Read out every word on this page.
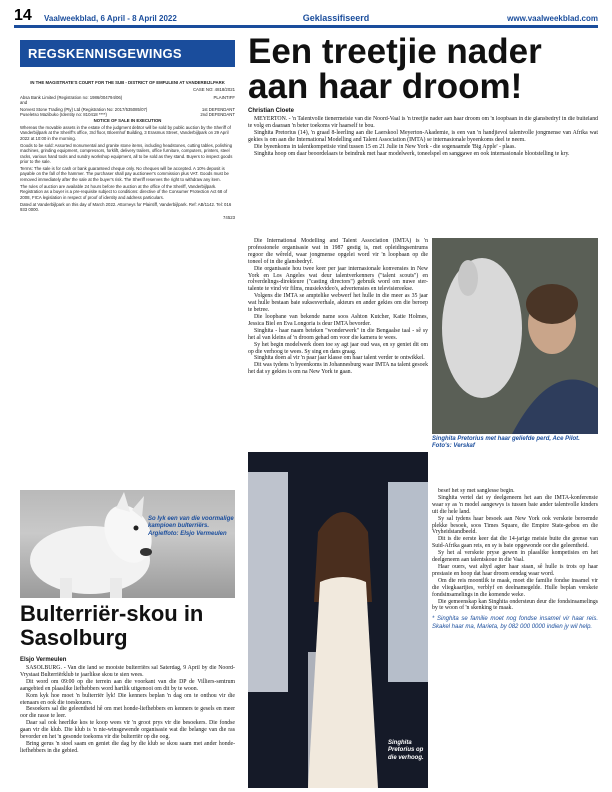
14	Vaalweekblad, 6 April - 8 April 2022	Geklassifiseerd	www.vaalweekblad.com
REGSKENNISGEWINGS

IN THE MAGISTRATE'S COURT FOR THE SUB - DISTRICT OF EMFULENI AT VANDERBIJLPARK

CASE NO: 4818/2021

Absa Bank Limited (Registration no: 1986/004794/06)	PLAINTIFF

and

Norvest Stone Trading (Pty) Ltd (Registration No: 2017/535085/07)	1st DEFENDANT
Puseletso Mazibuko (Identity no: 810418 ****)	2nd DEFENDANT

NOTICE OF SALE IN EXECUTION

Whereas the movable assets in the estate of the judgment debtor will be sold by public auction by the Sheriff of Vanderbijlpark at the Sheriff's office, 3rd floor, Bloemhof Building, 3 Erasmus Street, Vanderbijlpark on 29 April 2022 at 10:00 in the morning.

Goods to be sold: Assorted monumental and granite stone items, including headstones, cutting tables, polishing machines, grinding equipment, compressors, forklift, delivery trailers, office furniture, computers, printers, steel racks, various hand tools and sundry workshop equipment, all to be sold as they stand. Buyers to inspect goods prior to the sale.

Terms: The sale is for cash or bank guaranteed cheque only. No cheques will be accepted. A 10% deposit is payable on the fall of the hammer. The purchaser shall pay auctioneer's commission plus VAT. Goods must be removed immediately after the sale at the buyer's risk. The Sheriff reserves the right to withdraw any item.

The rules of auction are available 24 hours before the auction at the office of the Sheriff, Vanderbijlpark. Registration as a buyer is a pre-requisite subject to conditions: directive of the Consumer Protection Act 68 of 2008, FICA legislation in respect of proof of identity and address particulars.

Dated at Vanderbijlpark on this day of March 2022. Attorneys for Plaintiff, Vanderbijlpark. Ref: AB/1142. Tel: 016 933 0000.

74523

So lyk een van die voormalige kampioen bulterriërs. Argieffoto: Elsjo Vermeulen
Bulterriër-skou in Sasolburg
Elsjo Vermeulen

SASOLBURG. - Van die land se mooiste bulterriërs sal Saterdag, 9 April by die Noord-Vrystaat Bulterriërklub te jaarlikse skou te sien wees.

Dit word om 09:00 op die terrein aan die voorkant van die DP de Villiers-sentrum aangebied en plaaslike liefhebbers word hartlik uitgenooi om dit by te woon.

Kom kyk hoe moet 'n bulterriër lyk! Die kenners beplan 'n dag om te onthou vir die eienaars en ook die toeskouers.

Besoekers sal die geleentheid hê om met honde-liefhebbers en kenners te gesels en meer oor die rasse te leer.

Daar sal ook heerlike kos te koop wees vir 'n groot prys vir die besoekers. Die fondse gaan vir die klub. Die klub is 'n nie-winsgewende organisasie wat die belange van die ras bevorder en het 'n gesonde toekoms vir die bulterriër op die oog.

Bring gerus 'n stoel saam en geniet die dag by die klub se skou saam met ander honde-liefhebbers in die gebied.

Een treetjie nader aan haar droom!
Christian Cloete

MEYERTON. - 'n Talentvolle tienermeisie van die Noord-Vaal is 'n treetjie nader aan haar droom om 'n loopbaan in die glansbedryf in die buiteland te volg en daaraan 'n beter toekoms vir haarself te bou.

Singhita Pretorius (14), 'n graad 8-leerling aan die Laerskool Meyerton-Akademie, is een van 'n handjievol talentvolle jongmense van Afrika wat gekies is om aan die International Modelling and Talent Association (IMTA) se internasionale byeenkoms deel te neem.

Die byeenkoms in talentkompetisie vind tussen 15 en 21 Julie in New York - die sogenaamde 'Big Apple' - plaas.

Singhita hoop om daar beoordelaars te beindruk met haar modelwerk, toneelspel en sanggawe en ook internasionale blootstelling te kry.

Die International Modelling and Talent Association (IMTA) is 'n professionele organisasie wat in 1987 gestig is, met opleidingsentrums regoor die wêreld, waar jongmense opgelei word vir 'n loopbaan op die toneel of in die glansbedryf.

Die organisasie hou twee keer per jaar internasionale konvensies in New York en Los Angeles wat deur talentverkenners ("talent scouts") en rolverdelings-direkteure ("casting directors") gebruik word om nuwe ster-talente te vind vir films, musiekvideo's, advertensies en televisiereekse.

Volgens die IMTA se amptelike webwerf het hulle in die meer as 35 jaar wat hulle bestaan baie suksesverhale, akteurs en ander gekies om die beroep te betree.

Die loopbane van bekende name soos Ashton Kutcher, Katie Holmes, Jessica Biel en Eva Longoria is deur IMTA bevorder.

Singhita - haar naam beteken "wonderwerk" in die Bengaalse taal - sê sy het al van kleins af 'n droom gehad om voor die kamera te wees.

Sy het begin modelwerk doen toe sy agt jaar oud was, en sy geniet dit om op die verhoog te wees. Sy sing en dans graag.

Singhita doen al vir 'n paar jaar klasse om haar talent verder te ontwikkel.

Dit was tydens 'n byeenkoms in Johannesburg waar IMTA na talent gesoek het dat sy gekies is om na New York te gaan.

Singhita Pretorius met haar geliefde perd, Ace Pilot. Foto's: Verskaf
Singhita Pretorius op die verhoog.

besef het sy met sanglesse begin.

Singhita vertel dat sy deelgeneem het aan die IMTA-konferensie waar sy as 'n model aangewys is tussen baie ander talentvolle kinders uit die hele land.

Sy sal tydens haar besoek aan New York ook verskeie beroemde plekke besoek, soos Times Square, die Empire State-gebou en die Vryheidstandbeeld.

Dit is die eerste keer dat die 14-jarige meisie buite die grense van Suid-Afrika gaan reis, en sy is baie opgewonde oor die geleentheid.

Sy het al verskeie pryse gewen in plaaslike kompetisies en het deelgeneem aan talentskoue in die Vaal.

Haar ouers, wat altyd agter haar staan, sê hulle is trots op haar prestasie en hoop dat haar droom eendag waar word.

Om die reis moontlik te maak, moet die familie fondse insamel vir die vliegkaartjies, verblyf en deelnamegelde. Hulle beplan verskeie fondsinsamelings in die komende weke.

Die gemeenskap kan Singhita ondersteun deur die fondsinsamelings by te woon of 'n skenking te maak.

* Singhita se familie moet nog fondse insamel vir haar reis. Skakel haar ma, Marieta, by 082 000 0000 indien jy wil help.
